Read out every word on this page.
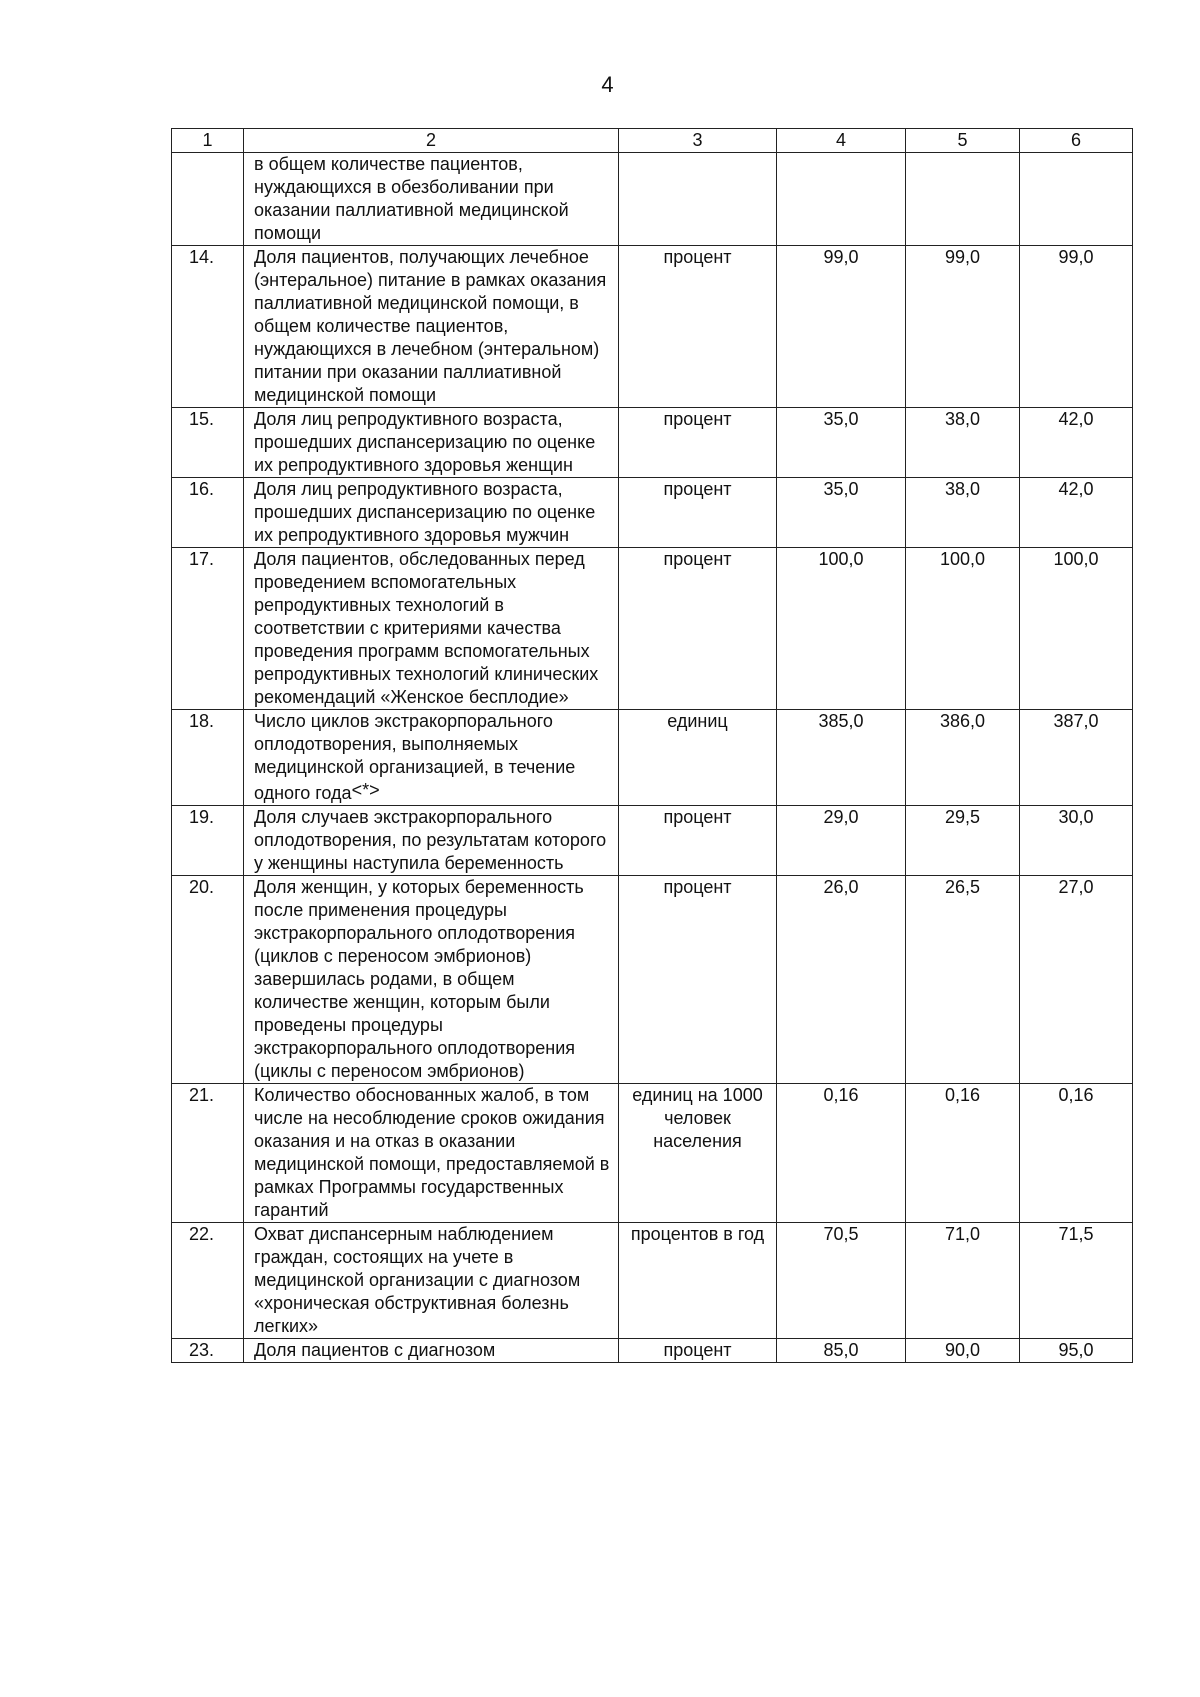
4
1	2	3	4	5	6
	в общем количестве пациентов, нуждающихся в обезболивании при оказании паллиативной медицинской помощи				
14.	Доля пациентов, получающих лечебное (энтеральное) питание в рамках оказания паллиативной медицинской помощи, в общем количестве пациентов, нуждающихся в лечебном (энтеральном) питании при оказании паллиативной медицинской помощи	процент	99,0	99,0	99,0
15.	Доля лиц репродуктивного возраста, прошедших диспансеризацию по оценке их репродуктивного здоровья женщин	процент	35,0	38,0	42,0
16.	Доля лиц репродуктивного возраста, прошедших диспансеризацию по оценке их репродуктивного здоровья мужчин	процент	35,0	38,0	42,0
17.	Доля пациентов, обследованных перед проведением вспомогательных репродуктивных технологий в соответствии с критериями качества проведения программ вспомогательных репродуктивных технологий клинических рекомендаций «Женское бесплодие»	процент	100,0	100,0	100,0
18.	Число циклов экстракорпорального оплодотворения, выполняемых медицинской организацией, в течение одного года<*>	единиц	385,0	386,0	387,0
19.	Доля случаев экстракорпорального оплодотворения, по результатам которого у женщины наступила беременность	процент	29,0	29,5	30,0
20.	Доля женщин, у которых беременность после применения процедуры экстракорпорального оплодотворения (циклов с переносом эмбрионов) завершилась родами, в общем количестве женщин, которым были проведены процедуры экстракорпорального оплодотворения (циклы с переносом эмбрионов)	процент	26,0	26,5	27,0
21.	Количество обоснованных жалоб, в том числе на несоблюдение сроков ожидания оказания и на отказ в оказании медицинской помощи, предоставляемой в рамках Программы государственных гарантий	единиц на 1000 человек населения	0,16	0,16	0,16
22.	Охват диспансерным наблюдением граждан, состоящих на учете в медицинской организации с диагнозом «хроническая обструктивная болезнь легких»	процентов в год	70,5	71,0	71,5
23.	Доля пациентов с диагнозом	процент	85,0	90,0	95,0
